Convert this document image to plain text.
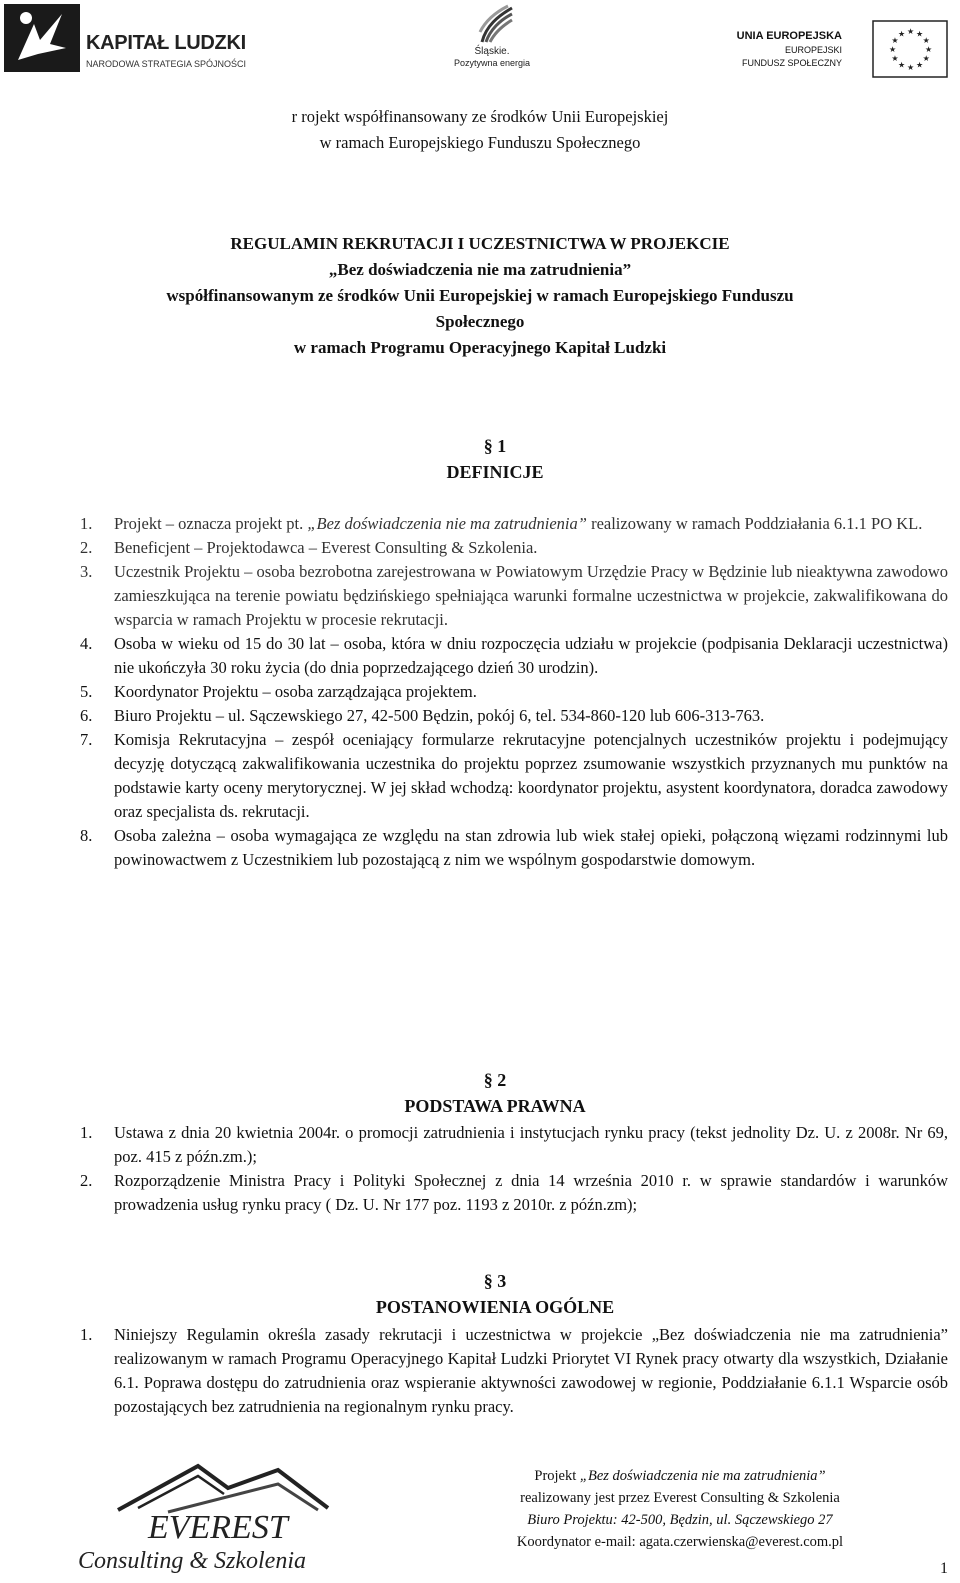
KAPITAŁ LUDZKI
NARODOWA STRATEGIA SPÓJNOŚCI
Śląskie.
Pozytywna energia
UNIA EUROPEJSKA
EUROPEJSKI
FUNDUSZ SPOŁECZNY
★
★
★
★
★
★
★
★
★ ★ ★
★
r rojekt współfinansowany ze środków Unii Europejskiej
w ramach Europejskiego Funduszu Społecznego
REGULAMIN REKRUTACJI I UCZESTNICTWA W PROJEKCIE
„Bez doświadczenia nie ma zatrudnienia”
współfinansowanym ze środków Unii Europejskiej w ramach Europejskiego Funduszu
Społecznego
w ramach Programu Operacyjnego Kapitał Ludzki
§ 1
DEFINICJE
1. Projekt – oznacza projekt pt. „Bez doświadczenia nie ma zatrudnienia” realizowany w ramach Poddziałania 6.1.1 PO KL.
2. Beneficjent – Projektodawca – Everest Consulting & Szkolenia.
3. Uczestnik Projektu – osoba bezrobotna zarejestrowana w Powiatowym Urzędzie Pracy w Będzinie lub nieaktywna zawodowo zamieszkująca na terenie powiatu będzińskiego spełniająca warunki formalne uczestnictwa w projekcie, zakwalifikowana do wsparcia w ramach Projektu w procesie rekrutacji.
4. Osoba w wieku od 15 do 30 lat – osoba, która w dniu rozpoczęcia udziału w projekcie (podpisania Deklaracji uczestnictwa) nie ukończyła 30 roku życia (do dnia poprzedzającego dzień 30 urodzin).
5. Koordynator Projektu – osoba zarządzająca projektem.
6. Biuro Projektu – ul. Sączewskiego 27, 42-500 Będzin, pokój 6, tel. 534-860-120 lub 606-313-763.
7. Komisja Rekrutacyjna – zespół oceniający formularze rekrutacyjne potencjalnych uczestników projektu i podejmujący decyzję dotyczącą zakwalifikowania uczestnika do projektu poprzez zsumowanie wszystkich przyznanych mu punktów na podstawie karty oceny merytorycznej. W jej skład wchodzą: koordynator projektu, asystent koordynatora, doradca zawodowy oraz specjalista ds. rekrutacji.
8. Osoba zależna – osoba wymagająca ze względu na stan zdrowia lub wiek stałej opieki, połączoną więzami rodzinnymi lub powinowactwem z Uczestnikiem lub pozostającą z nim we wspólnym gospodarstwie domowym.
§ 2
PODSTAWA PRAWNA
1. Ustawa z dnia 20 kwietnia 2004r. o promocji zatrudnienia i instytucjach rynku pracy (tekst jednolity Dz. U. z 2008r. Nr 69, poz. 415 z późn.zm.);
2. Rozporządzenie Ministra Pracy i Polityki Społecznej z dnia 14 września 2010 r. w sprawie standardów i warunków prowadzenia usług rynku pracy ( Dz. U. Nr 177 poz. 1193 z 2010r. z późn.zm);
§ 3
POSTANOWIENIA OGÓLNE
1. Niniejszy Regulamin określa zasady rekrutacji i uczestnictwa w projekcie „Bez doświadczenia nie ma zatrudnienia” realizowanym w ramach Programu Operacyjnego Kapitał Ludzki Priorytet VI Rynek pracy otwarty dla wszystkich, Działanie 6.1. Poprawa dostępu do zatrudnienia oraz wspieranie aktywności zawodowej w regionie, Poddziałanie 6.1.1 Wsparcie osób pozostających bez zatrudnienia na regionalnym rynku pracy.
EVEREST
Consulting & Szkolenia
Projekt „Bez doświadczenia nie ma zatrudnienia”
realizowany jest przez Everest Consulting & Szkolenia
Biuro Projektu: 42-500, Będzin, ul. Sączewskiego 27
Koordynator e-mail: agata.czerwienska@everest.com.pl
1
